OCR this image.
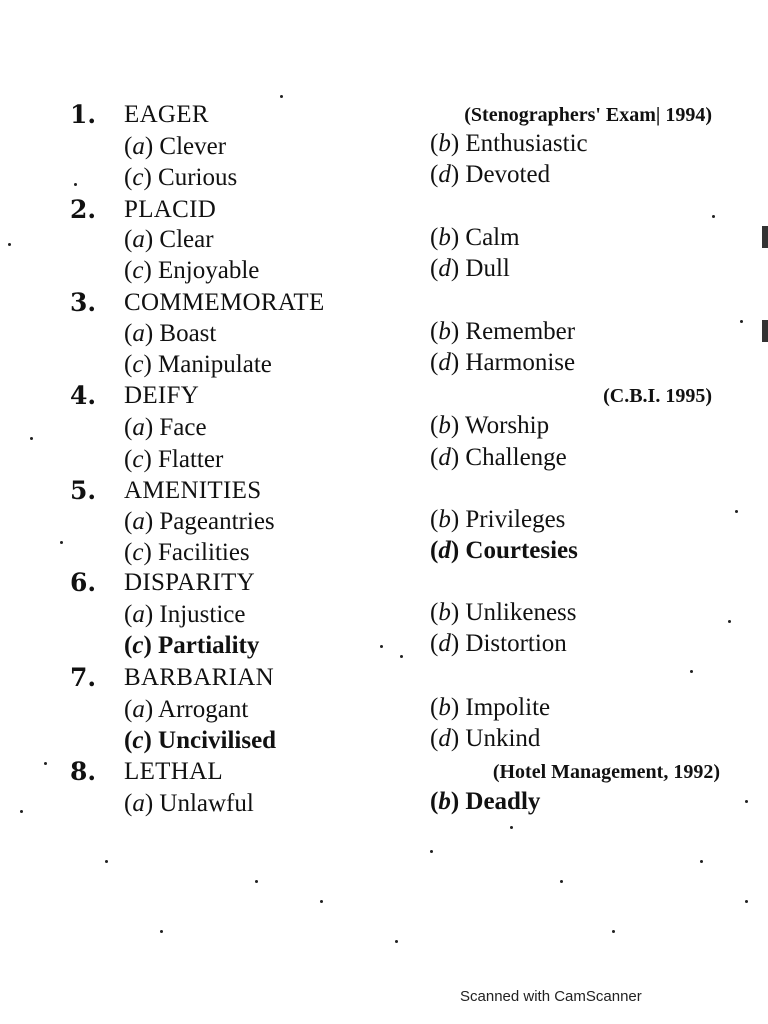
1. EAGER	(Stenographers' Exam| 1994)
(a) Clever	(b) Enthusiastic
(c) Curious	(d) Devoted
2. PLACID
(a) Clear	(b) Calm
(c) Enjoyable	(d) Dull
3. COMMEMORATE
(a) Boast	(b) Remember
(c) Manipulate	(d) Harmonise
4. DEIFY	(C.B.I. 1995)
(a) Face	(b) Worship
(c) Flatter	(d) Challenge
5. AMENITIES
(a) Pageantries	(b) Privileges
(c) Facilities	(d) Courtesies
6. DISPARITY
(a) Injustice	(b) Unlikeness
(c) Partiality	(d) Distortion
7. BARBARIAN
(a) Arrogant	(b) Impolite
(c) Uncivilised	(d) Unkind
8. LETHAL	(Hotel Management, 1992)
(a) Unlawful	(b) Deadly
Scanned with CamScanner
